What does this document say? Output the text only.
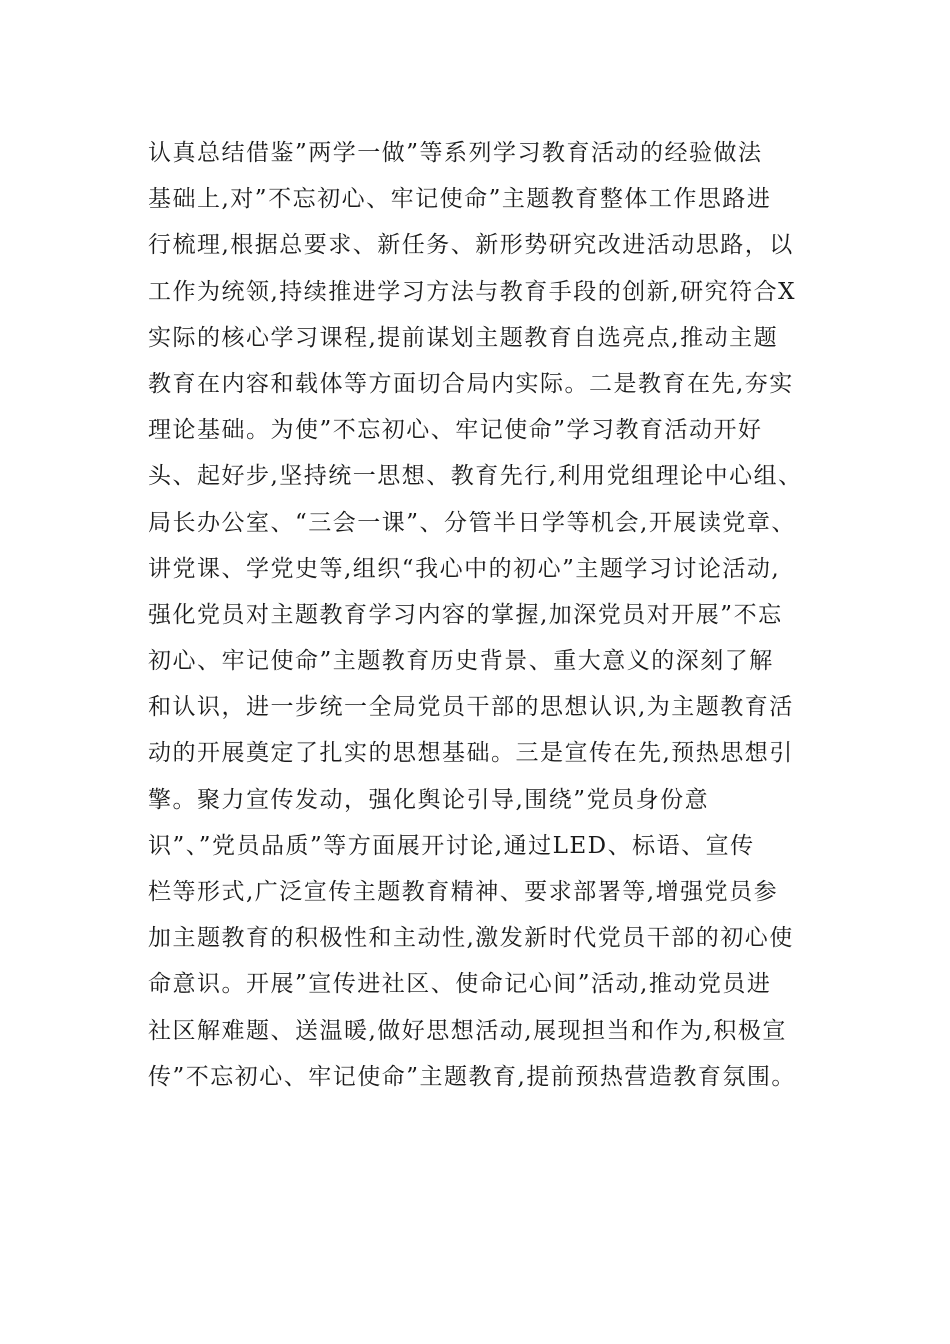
认真总结借鉴”两学一做”等系列学习教育活动的经验做法
基础上,对”不忘初心、牢记使命”主题教育整体工作思路进
行梳理,根据总要求、新任务、新形势研究改进活动思路，以
工作为统领,持续推进学习方法与教育手段的创新,研究符合X
实际的核心学习课程,提前谋划主题教育自选亮点,推动主题
教育在内容和载体等方面切合局内实际。二是教育在先,夯实
理论基础。为使”不忘初心、牢记使命”学习教育活动开好
头、起好步,坚持统一思想、教育先行,利用党组理论中心组、
局长办公室、“三会一课”、分管半日学等机会,开展读党章、
讲党课、学党史等,组织“我心中的初心”主题学习讨论活动,
强化党员对主题教育学习内容的掌握,加深党员对开展”不忘
初心、牢记使命”主题教育历史背景、重大意义的深刻了解
和认识，进一步统一全局党员干部的思想认识,为主题教育活
动的开展奠定了扎实的思想基础。三是宣传在先,预热思想引
擎。聚力宣传发动，强化舆论引导,围绕”党员身份意
识”、”党员品质”等方面展开讨论,通过LED、标语、宣传
栏等形式,广泛宣传主题教育精神、要求部署等,增强党员参
加主题教育的积极性和主动性,激发新时代党员干部的初心使
命意识。开展”宣传进社区、使命记心间”活动,推动党员进
社区解难题、送温暖,做好思想活动,展现担当和作为,积极宣
传”不忘初心、牢记使命”主题教育,提前预热营造教育氛围。
